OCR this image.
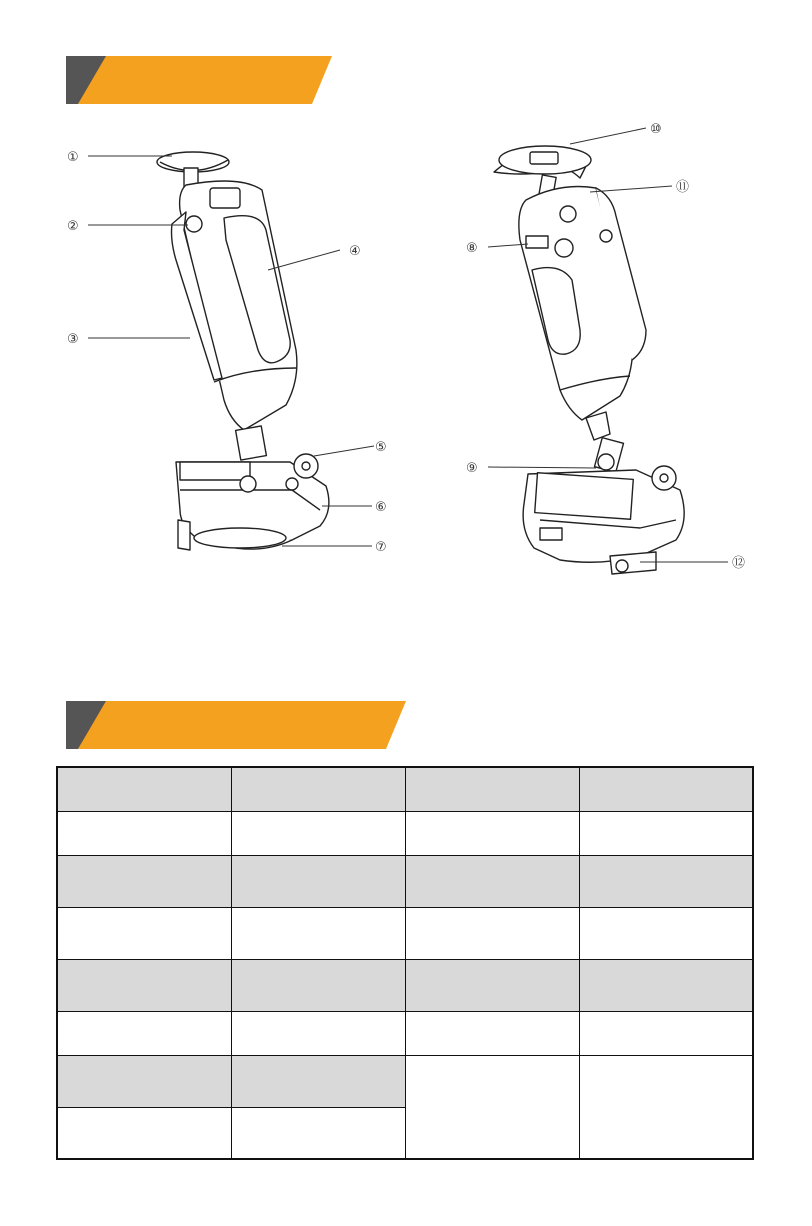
①
②
③
④
⑤
⑥
⑦
⑧
⑨
⑩
⑪
⑫
